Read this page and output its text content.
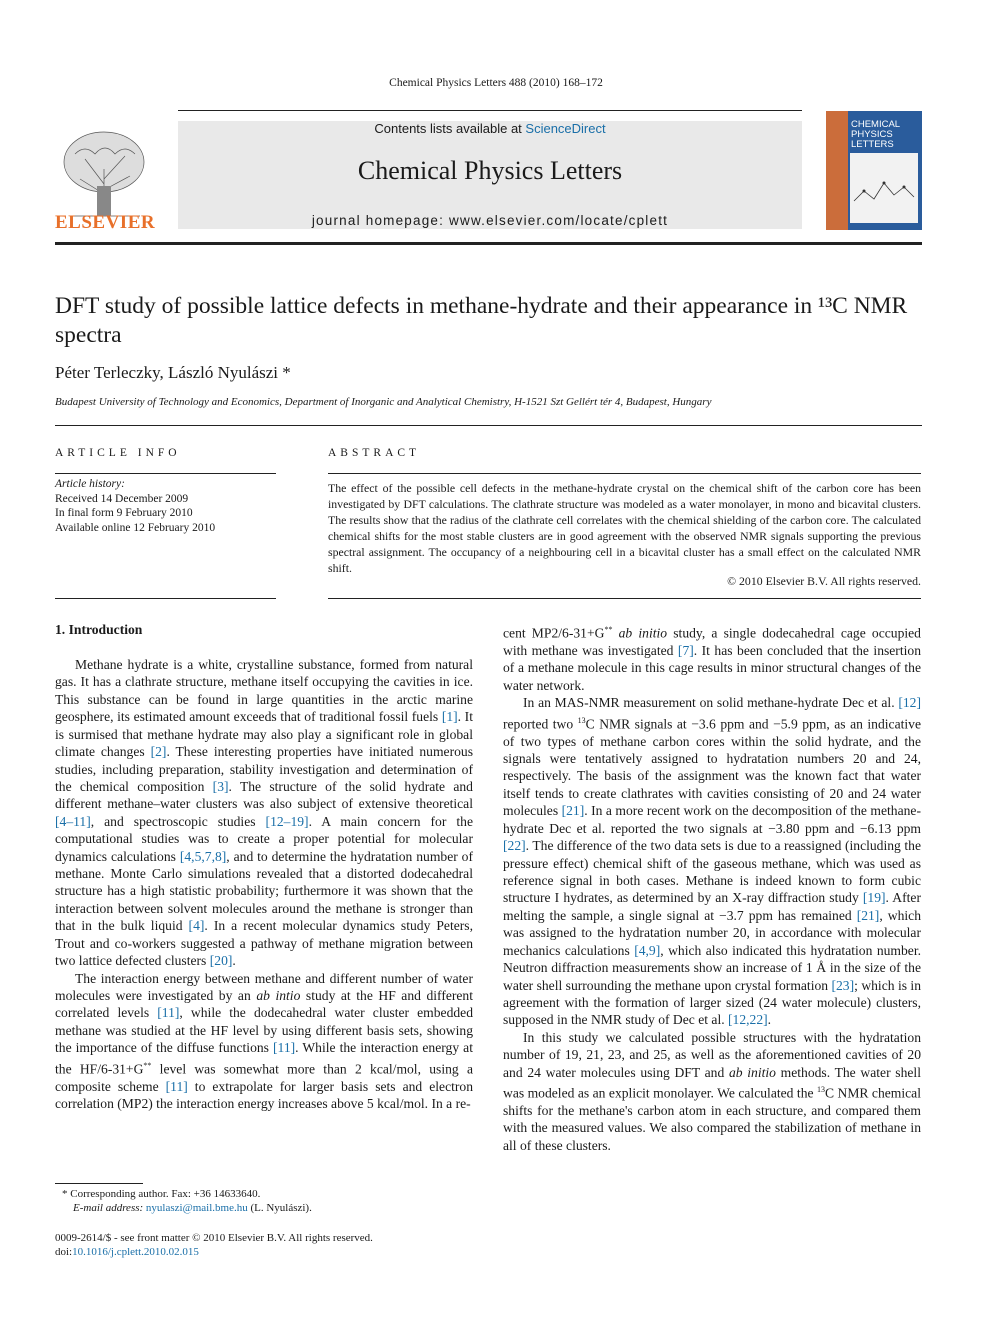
Chemical Physics Letters 488 (2010) 168–172
ELSEVIER
Contents lists available at ScienceDirect
Chemical Physics Letters
journal homepage: www.elsevier.com/locate/cplett
CHEMICAL PHYSICS LETTERS
DFT study of possible lattice defects in methane-hydrate and their appearance in ¹³C NMR spectra
Péter Terleczky, László Nyulászi *
Budapest University of Technology and Economics, Department of Inorganic and Analytical Chemistry, H-1521 Szt Gellért tér 4, Budapest, Hungary
ARTICLE INFO
Article history:
Received 14 December 2009
In final form 9 February 2010
Available online 12 February 2010
ABSTRACT
The effect of the possible cell defects in the methane-hydrate crystal on the chemical shift of the carbon core has been investigated by DFT calculations. The clathrate structure was modeled as a water monolayer, in mono and bicavital clusters. The results show that the radius of the clathrate cell correlates with the chemical shielding of the carbon core. The calculated chemical shifts for the most stable clusters are in good agreement with the observed NMR signals supporting the previous spectral assignment. The occupancy of a neighbouring cell in a bicavital cluster has a small effect on the calculated NMR shift.
© 2010 Elsevier B.V. All rights reserved.
1. Introduction

Methane hydrate is a white, crystalline substance, formed from natural gas. It has a clathrate structure, methane itself occupying the cavities in ice. This substance can be found in large quantities in the arctic marine geosphere, its estimated amount exceeds that of traditional fossil fuels [1]. It is surmised that methane hydrate may also play a significant role in global climate changes [2]. These interesting properties have initiated numerous studies, including preparation, stability investigation and determination of the chemical composition [3]. The structure of the solid hydrate and different methane–water clusters was also subject of extensive theoretical [4–11], and spectroscopic studies [12–19]. A main concern for the computational studies was to create a proper potential for molecular dynamics calculations [4,5,7,8], and to determine the hydratation number of methane. Monte Carlo simulations revealed that a distorted dodecahedral structure has a high statistic probability; furthermore it was shown that the interaction between solvent molecules around the methane is stronger than that in the bulk liquid [4]. In a recent molecular dynamics study Peters, Trout and co-workers suggested a pathway of methane migration between two lattice defected clusters [20].

The interaction energy between methane and different number of water molecules were investigated by an ab intio study at the HF and different correlated levels [11], while the dodecahedral water cluster embedded methane was studied at the HF level by using different basis sets, showing the importance of the diffuse functions [11]. While the interaction energy at the HF/6-31+G** level was somewhat more than 2 kcal/mol, using a composite scheme [11] to extrapolate for larger basis sets and electron correlation (MP2) the interaction energy increases above 5 kcal/mol. In a re-

* Corresponding author. Fax: +36 14633640.
E-mail address: nyulaszi@mail.bme.hu (L. Nyulászi).
0009-2614/$ - see front matter © 2010 Elsevier B.V. All rights reserved.
doi:10.1016/j.cplett.2010.02.015

cent MP2/6-31+G** ab initio study, a single dodecahedral cage occupied with methane was investigated [7]. It has been concluded that the insertion of a methane molecule in this cage results in minor structural changes of the water network.

In an MAS-NMR measurement on solid methane-hydrate Dec et al. [12] reported two $^{13}$C NMR signals at −3.6 ppm and −5.9 ppm, as an indicative of two types of methane carbon cores within the solid hydrate, and the signals were tentatively assigned to hydratation numbers 20 and 24, respectively. The basis of the assignment was the known fact that water itself tends to create clathrates with cavities consisting of 20 and 24 water molecules [21]. In a more recent work on the decomposition of the methane-hydrate Dec et al. reported the two signals at −3.80 ppm and −6.13 ppm [22]. The difference of the two data sets is due to a reassigned (including the pressure effect) chemical shift of the gaseous methane, which was used as reference signal in both cases. Methane is indeed known to form cubic structure I hydrates, as determined by an X-ray diffraction study [19]. After melting the sample, a single signal at −3.7 ppm has remained [21], which was assigned to the hydratation number 20, in accordance with molecular mechanics calculations [4,9], which also indicated this hydratation number. Neutron diffraction measurements show an increase of 1 Å in the size of the water shell surrounding the methane upon crystal formation [23]; which is in agreement with the formation of larger sized (24 water molecule) clusters, supposed in the NMR study of Dec et al. [12,22].

In this study we calculated possible structures with the hydratation number of 19, 21, 23, and 25, as well as the aforementioned cavities of 20 and 24 water molecules using DFT and ab initio methods. The water shell was modeled as an explicit monolayer. We calculated the $^{13}$C NMR chemical shifts for the methane's carbon atom in each structure, and compared them with the measured values. We also compared the stabilization of methane in all of these clusters.
